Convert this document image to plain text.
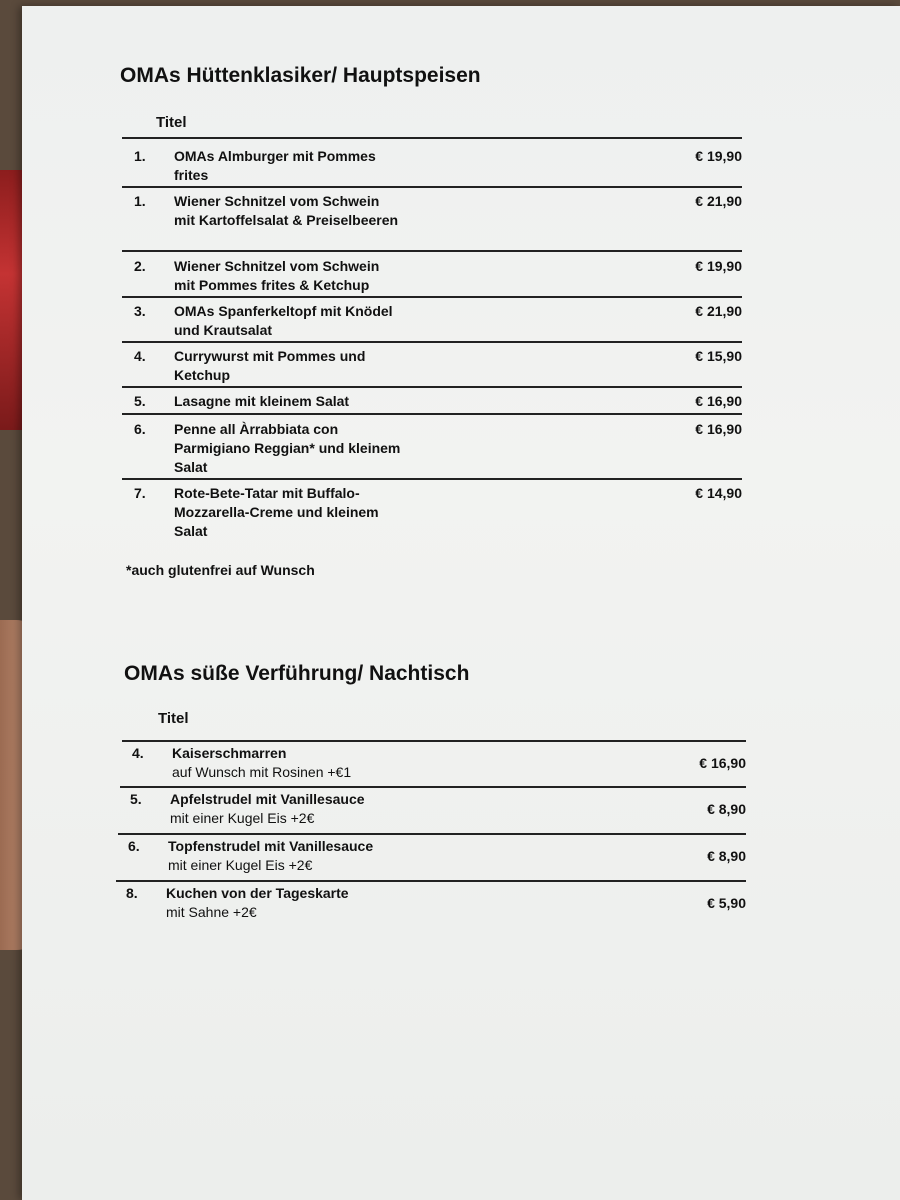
OMAs Hüttenklasiker/ Hauptspeisen
Titel
1.	OMAs Almburger mit Pommes frites
€ 19,90
1.	Wiener Schnitzel vom Schwein mit Kartoffelsalat & Preiselbeeren
€ 21,90
2.	Wiener Schnitzel vom Schwein mit Pommes frites & Ketchup
€ 19,90
3.	OMAs Spanferkeltopf mit Knödel und Krautsalat
€ 21,90
4.	Currywurst mit Pommes und Ketchup
€ 15,90
5.	Lasagne mit kleinem Salat	€ 16,90
6.	Penne all Àrrabbiata con Parmigiano Reggian* und kleinem Salat
€ 16,90
7.	Rote-Bete-Tatar mit Buffalo-Mozzarella-Creme und kleinem Salat
€ 14,90
*auch glutenfrei auf Wunsch
OMAs süße Verführung/ Nachtisch
Titel
4.	Kaiserschmarren
auf Wunsch mit Rosinen +€1
€ 16,90
5.	Apfelstrudel mit Vanillesauce
mit einer Kugel Eis +2€
€ 8,90
6.	Topfenstrudel mit Vanillesauce
mit einer Kugel Eis +2€
€ 8,90
8.	Kuchen von der Tageskarte
mit Sahne +2€
€ 5,90
